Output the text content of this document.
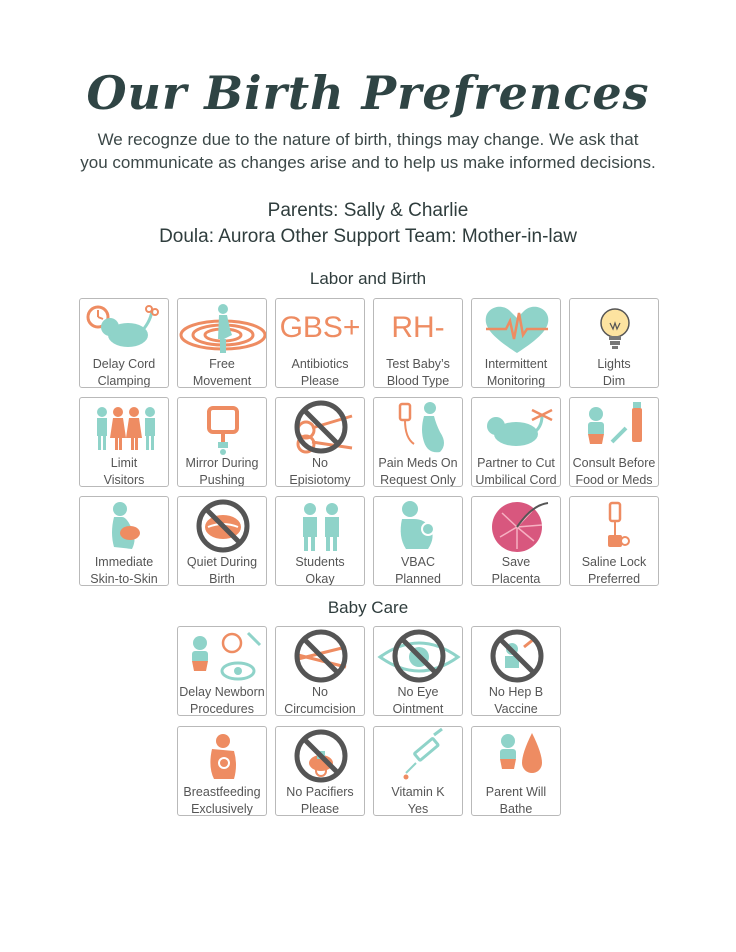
Our Birth Prefrences
We recognze due to the nature of birth, things may change. We ask that
you communicate as changes arise and to help us make informed decisions.
Parents: Sally & Charlie
Doula: Aurora Other Support Team: Mother-in-law
Labor and Birth
Delay Cord
Clamping
Free
Movement
GBS+
Antibiotics
Please
RH-
Test Baby’s
Blood Type
Intermittent
Monitoring
Lights
Dim
Limit
Visitors
Mirror During
Pushing
No
Episiotomy
Pain Meds On
Request Only
Partner to Cut
Umbilical Cord
Consult Before
Food or Meds
Immediate
Skin-to-Skin
Quiet During
Birth
Students
Okay
VBAC
Planned
Save
Placenta
Saline Lock
Preferred
Baby Care
Delay Newborn
Procedures
No
Circumcision
No Eye
Ointment
No Hep B
Vaccine
Breastfeeding
Exclusively
No Pacifiers
Please
Vitamin K
Yes
Parent Will
Bathe
